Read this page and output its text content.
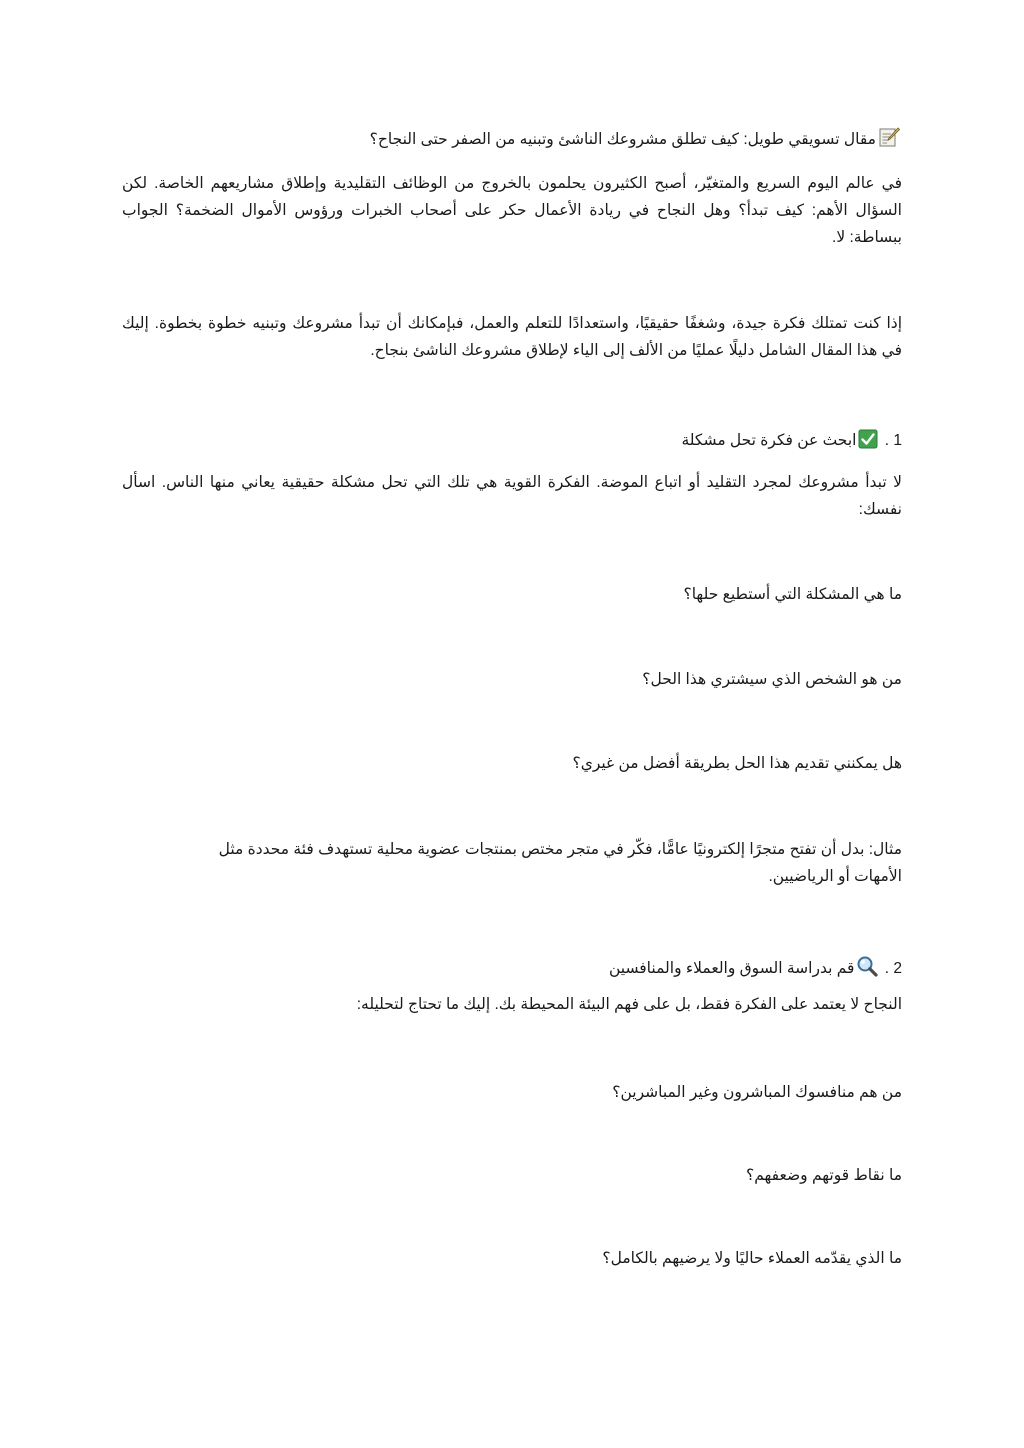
مقال تسويقي طويل: كيف تطلق مشروعك الناشئ وتبنيه من الصفر حتى النجاح؟
في عالم اليوم السريع والمتغيّر، أصبح الكثيرون يحلمون بالخروج من الوظائف التقليدية وإطلاق مشاريعهم الخاصة. لكن
السؤال الأهم: كيف تبدأ؟ وهل النجاح في ريادة الأعمال حكر على أصحاب الخبرات ورؤوس الأموال الضخمة؟ الجواب
ببساطة: لا.
إذا كنت تمتلك فكرة جيدة، وشغفًا حقيقيًا، واستعدادًا للتعلم والعمل، فبإمكانك أن تبدأ مشروعك وتبنيه خطوة بخطوة. إليك
في هذا المقال الشامل دليلًا عمليًا من الألف إلى الياء لإطلاق مشروعك الناشئ بنجاح.
1 . ابحث عن فكرة تحل مشكلة
لا تبدأ مشروعك لمجرد التقليد أو اتباع الموضة. الفكرة القوية هي تلك التي تحل مشكلة حقيقية يعاني منها الناس. اسأل
نفسك:
ما هي المشكلة التي أستطيع حلها؟
من هو الشخص الذي سيشتري هذا الحل؟
هل يمكنني تقديم هذا الحل بطريقة أفضل من غيري؟
مثال: بدل أن تفتح متجرًا إلكترونيًا عامًّا، فكّر في متجر مختص بمنتجات عضوية محلية تستهدف فئة محددة مثل
الأمهات أو الرياضيين.
2 . قم بدراسة السوق والعملاء والمنافسين
النجاح لا يعتمد على الفكرة فقط، بل على فهم البيئة المحيطة بك. إليك ما تحتاج لتحليله:
من هم منافسوك المباشرون وغير المباشرين؟
ما نقاط قوتهم وضعفهم؟
ما الذي يقدّمه العملاء حاليًا ولا يرضيهم بالكامل؟
